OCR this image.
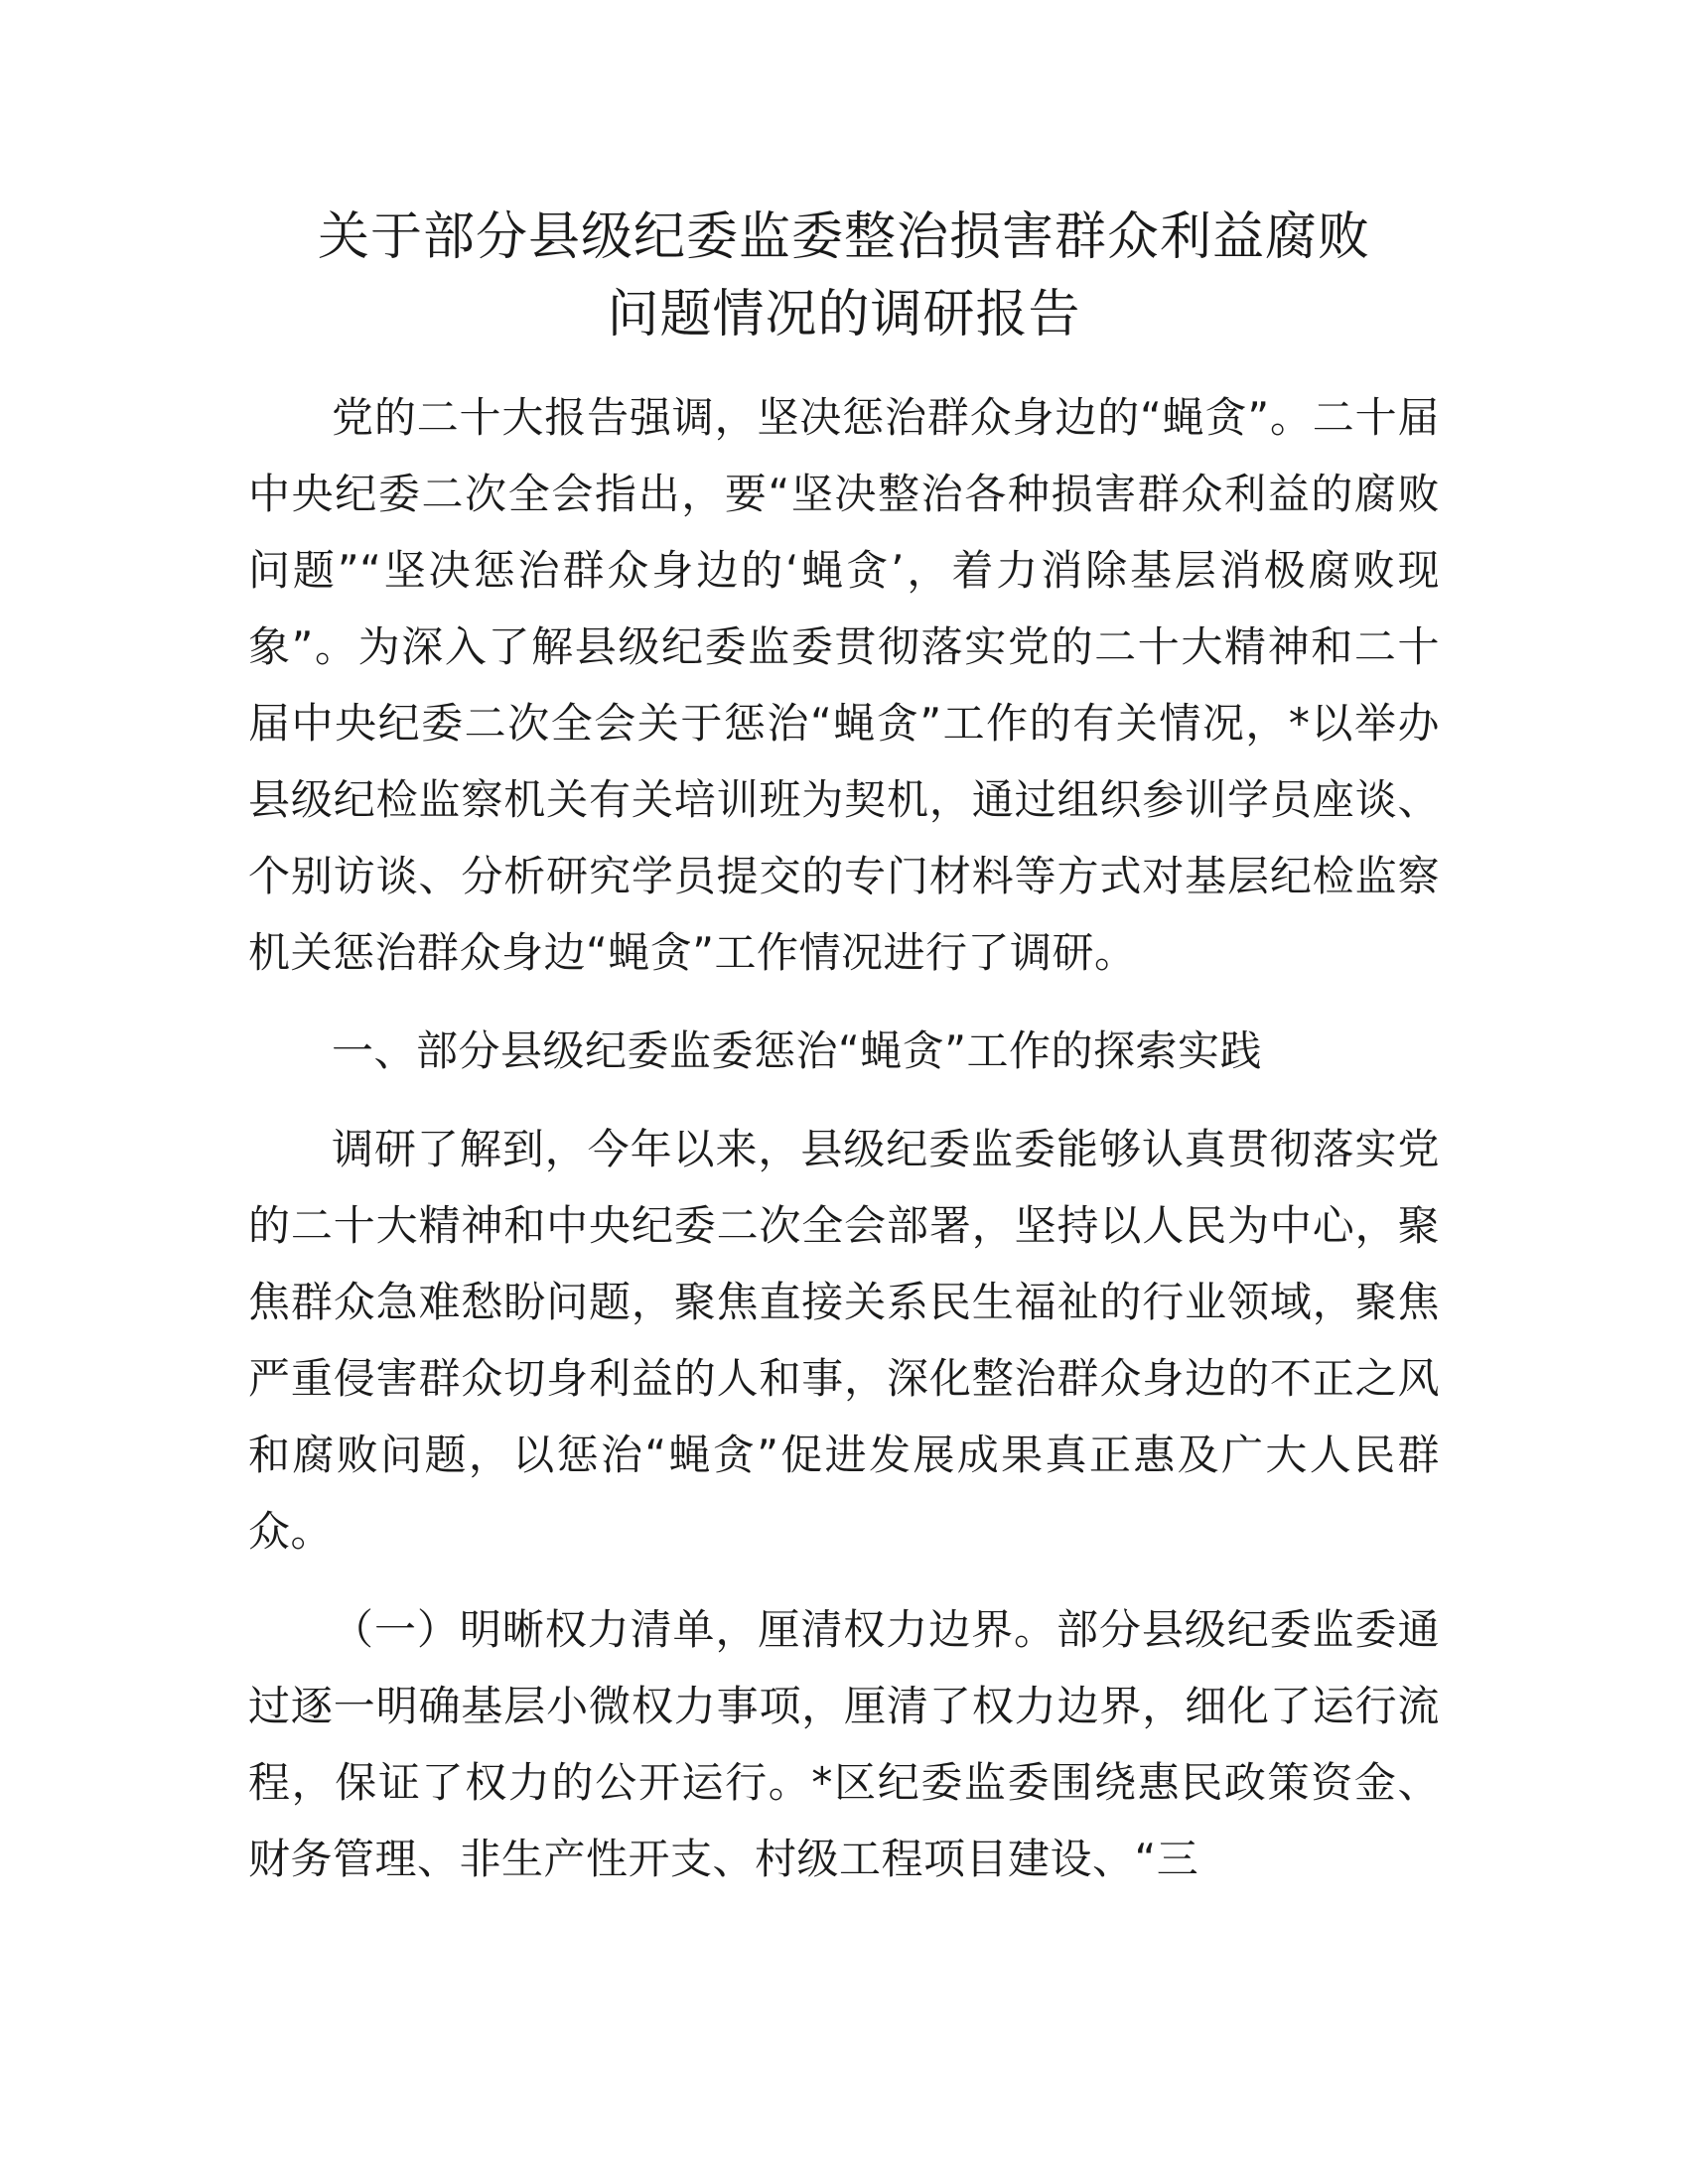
关于部分县级纪委监委整治损害群众利益腐败
问题情况的调研报告

党的二十大报告强调，坚决惩治群众身边的“蝇贪”。二十届中央纪委二次全会指出，要“坚决整治各种损害群众利益的腐败问题”“坚决惩治群众身边的‘蝇贪’，着力消除基层消极腐败现象”。为深入了解县级纪委监委贯彻落实党的二十大精神和二十届中央纪委二次全会关于惩治“蝇贪”工作的有关情况，*以举办县级纪检监察机关有关培训班为契机，通过组织参训学员座谈、个别访谈、分析研究学员提交的专门材料等方式对基层纪检监察机关惩治群众身边“蝇贪”工作情况进行了调研。

一、部分县级纪委监委惩治“蝇贪”工作的探索实践

调研了解到，今年以来，县级纪委监委能够认真贯彻落实党的二十大精神和中央纪委二次全会部署，坚持以人民为中心，聚焦群众急难愁盼问题，聚焦直接关系民生福祉的行业领域，聚焦严重侵害群众切身利益的人和事，深化整治群众身边的不正之风和腐败问题，以惩治“蝇贪”促进发展成果真正惠及广大人民群众。

（一）明晰权力清单，厘清权力边界。部分县级纪委监委通过逐一明确基层小微权力事项，厘清了权力边界，细化了运行流程，保证了权力的公开运行。*区纪委监委围绕惠民政策资金、财务管理、非生产性开支、村级工程项目建设、“三
